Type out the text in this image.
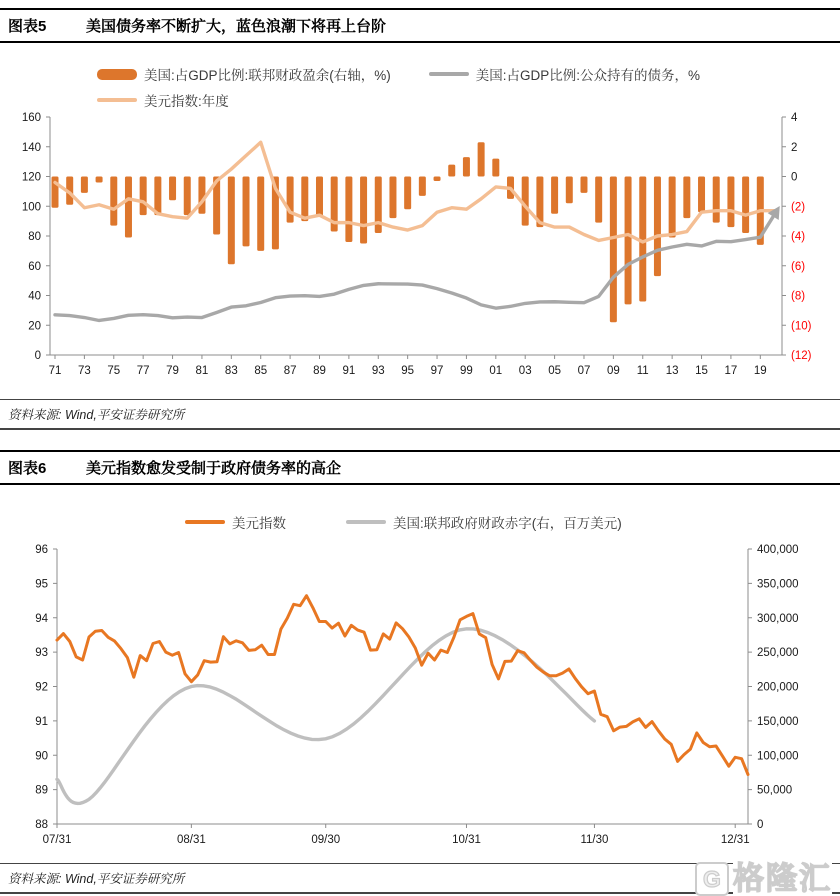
图表5	美国债务率不断扩大，蓝色浪潮下将再上台阶
美国:占GDP比例:联邦财政盈余(右轴，%)	美国:占GDP比例:公众持有的债务，%
美元指数:年度
160
140
120
100
80
60
40
20
0
4
2
0
(2)
(4)
(6)
(8)
(10)
(12)
71 73 75 77 79 81 83 85 87 89 91 93 95 97 99 01 03 05 07 09 11 13 15 17 19
资料来源: Wind,平安证券研究所
图表6	美元指数愈发受制于政府债务率的高企
美元指数	美国:联邦政府财政赤字(右，百万美元)
96
95
94
93
92
91
90
89
88
400,000
350,000
300,000
250,000
200,000
150,000
100,000
50,000
0
07/31	08/31	09/30	10/31	11/30	12/31
资料来源: Wind,平安证券研究所	G 格隆汇
